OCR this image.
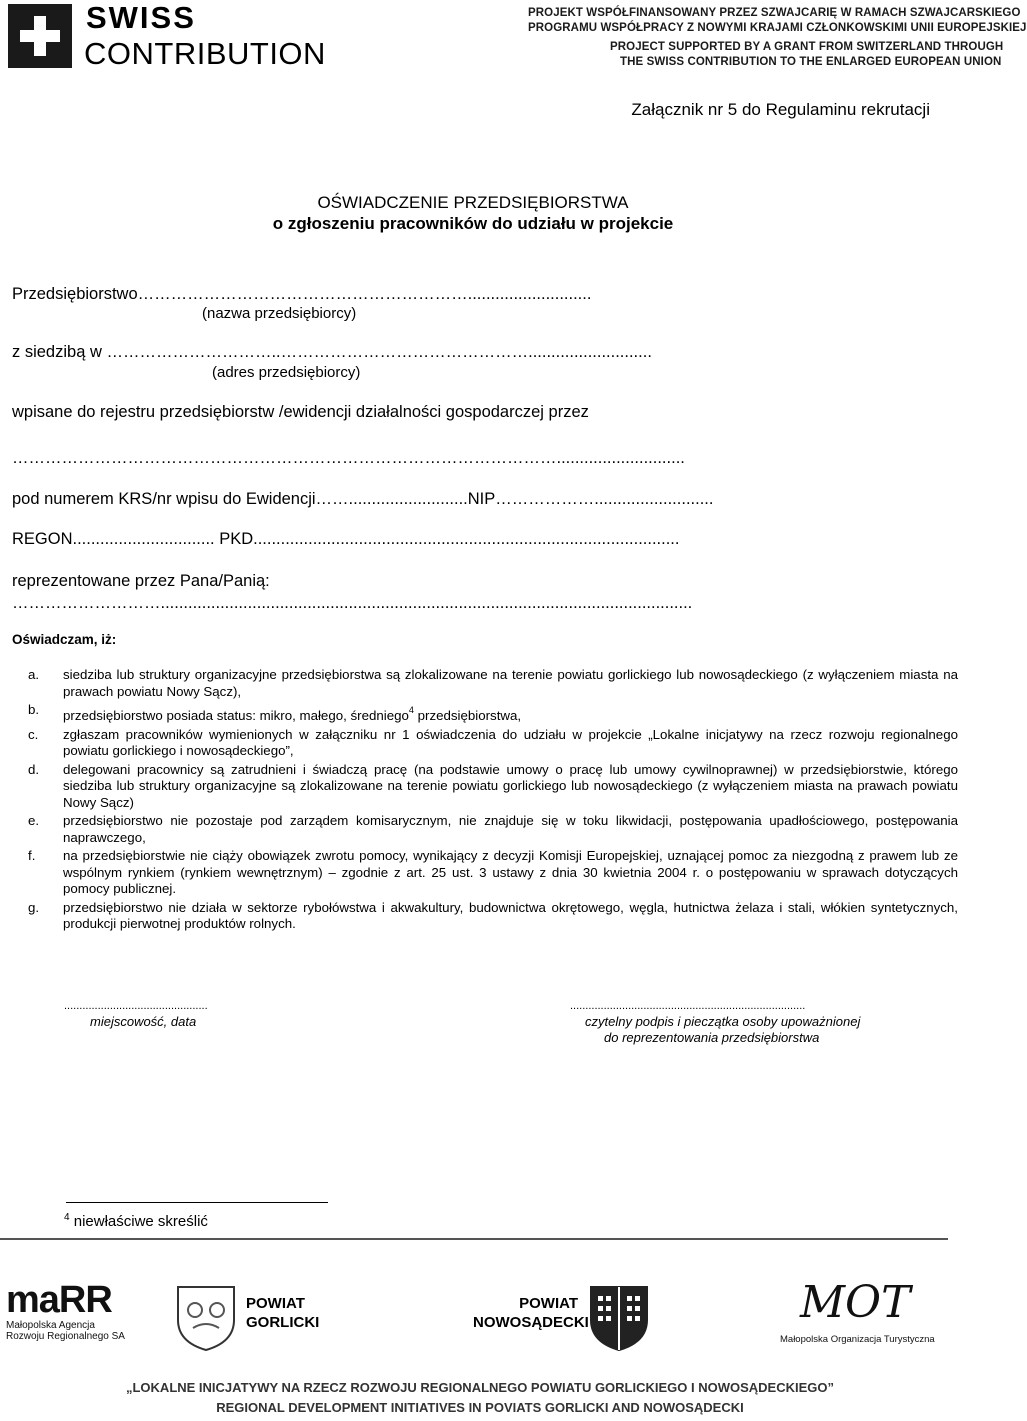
SWISS
CONTRIBUTION
PROJEKT WSPÓŁFINANSOWANY PRZEZ SZWAJCARIĘ W RAMACH SZWAJCARSKIEGO
PROGRAMU WSPÓŁPRACY Z NOWYMI KRAJAMI CZŁONKOWSKIMI UNII EUROPEJSKIEJ
PROJECT SUPPORTED BY A GRANT FROM SWITZERLAND THROUGH
THE SWISS CONTRIBUTION TO THE ENLARGED EUROPEAN UNION
Załącznik nr 5 do Regulaminu rekrutacji
OŚWIADCZENIE PRZEDSIĘBIORSTWA
o zgłoszeniu pracowników do udziału w projekcie
Przedsiębiorstwo……………………………………………………...........................
(nazwa przedsiębiorcy)
z siedzibą w …………………………..………………………………………...........................
(adres przedsiębiorcy)
wpisane do rejestru przedsiębiorstw /ewidencji działalności gospodarczej przez
………………………………………………………………………………………............................
pod numerem KRS/nr wpisu do Ewidencji……..........................NIP………………..........................
REGON............................... PKD.............................................................................................
reprezentowane przez Pana/Panią:
………………………....................................................................................................................
Oświadczam, iż:
a. siedziba lub struktury organizacyjne przedsiębiorstwa są zlokalizowane na terenie powiatu gorlickiego lub nowosądeckiego (z wyłączeniem miasta na prawach powiatu Nowy Sącz),
b. przedsiębiorstwo posiada status: mikro, małego, średniego$^4$ przedsiębiorstwa,
c. zgłaszam pracowników wymienionych w załączniku nr 1 oświadczenia do udziału w projekcie „Lokalne inicjatywy na rzecz rozwoju regionalnego powiatu gorlickiego i nowosądeckiego”,
d. delegowani pracownicy są zatrudnieni i świadczą pracę (na podstawie umowy o pracę lub umowy cywilnoprawnej) w przedsiębiorstwie, którego siedziba lub struktury organizacyjne są zlokalizowane na terenie powiatu gorlickiego lub nowosądeckiego (z wyłączeniem miasta na prawach powiatu Nowy Sącz)
e. przedsiębiorstwo nie pozostaje pod zarządem komisarycznym, nie znajduje się w toku likwidacji, postępowania upadłościowego, postępowania naprawczego,
f. na przedsiębiorstwie nie ciąży obowiązek zwrotu pomocy, wynikający z decyzji Komisji Europejskiej, uznającej pomoc za niezgodną z prawem lub ze wspólnym rynkiem (rynkiem wewnętrznym) – zgodnie z art. 25 ust. 3 ustawy z dnia 30 kwietnia 2004 r. o postępowaniu w sprawach dotyczących pomocy publicznej.
g. przedsiębiorstwo nie działa w sektorze rybołówstwa i akwakultury, budownictwa okrętowego, węgla, hutnictwa żelaza i stali, włókien syntetycznych, produkcji pierwotnej produktów rolnych.
...............................................
miejscowość, data
.............................................................................
czytelny podpis i pieczątka osoby upoważnionej
do reprezentowania przedsiębiorstwa
$^4$ niewłaściwe skreślić
maRR
Małopolska Agencja
Rozwoju Regionalnego SA
POWIAT
GORLICKI
POWIAT
NOWOSĄDECKI	MOT
Małopolska Organizacja Turystyczna
„LOKALNE INICJATYWY NA RZECZ ROZWOJU REGIONALNEGO POWIATU GORLICKIEGO I NOWOSĄDECKIEGO”
REGIONAL DEVELOPMENT INITIATIVES IN POVIATS GORLICKI AND NOWOSĄDECKI
